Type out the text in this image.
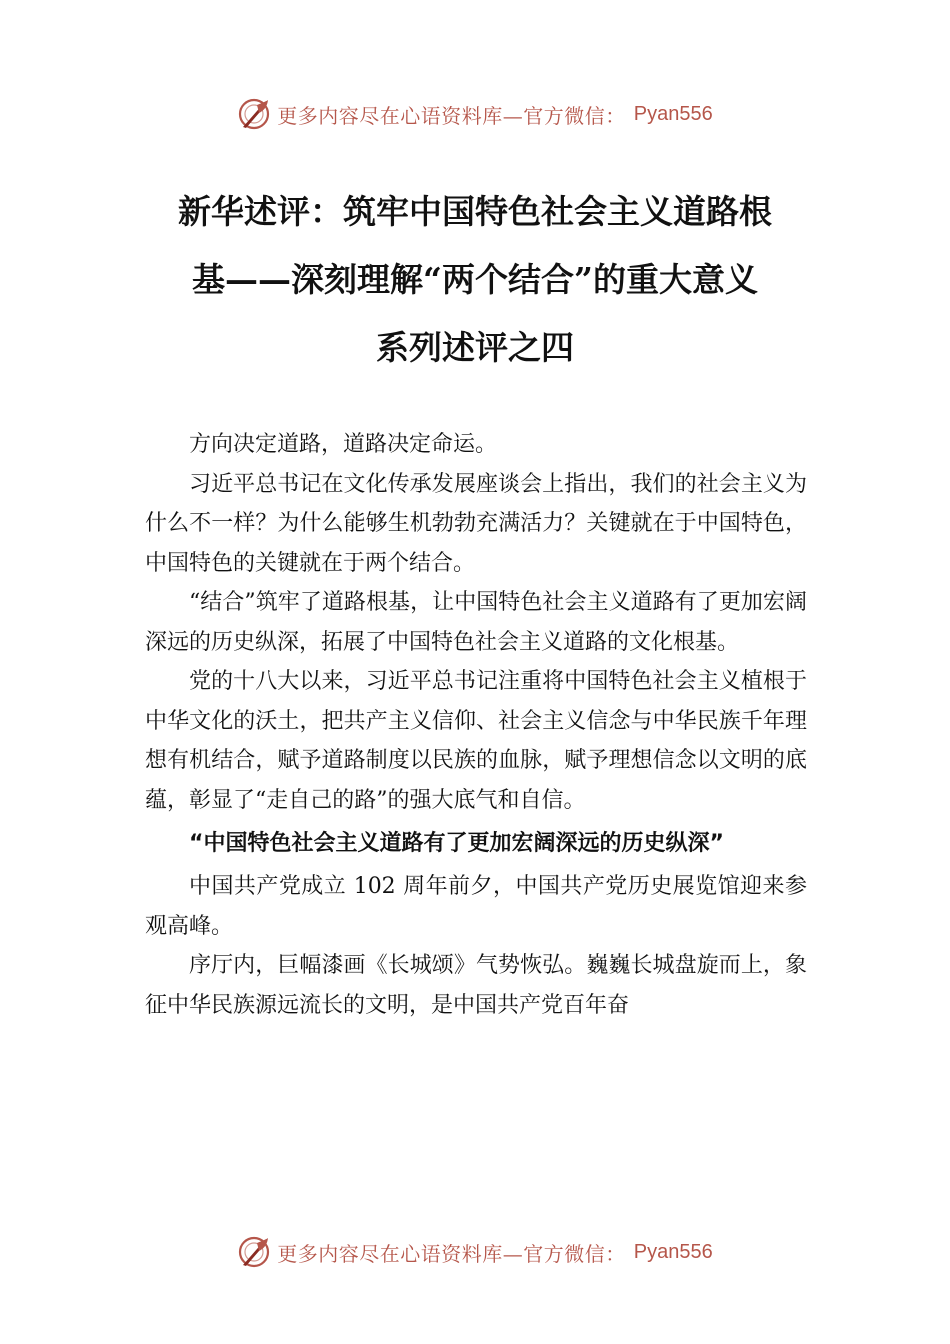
更多内容尽在心语资料库—官方微信： Pyan556
新华述评：筑牢中国特色社会主义道路根
基——深刻理解“两个结合”的重大意义
系列述评之四

方向决定道路，道路决定命运。

习近平总书记在文化传承发展座谈会上指出，我们的社会主义为什么不一样？为什么能够生机勃勃充满活力？关键就在于中国特色，中国特色的关键就在于两个结合。

“结合”筑牢了道路根基，让中国特色社会主义道路有了更加宏阔深远的历史纵深，拓展了中国特色社会主义道路的文化根基。

党的十八大以来，习近平总书记注重将中国特色社会主义植根于中华文化的沃土，把共产主义信仰、社会主义信念与中华民族千年理想有机结合，赋予道路制度以民族的血脉，赋予理想信念以文明的底蕴，彰显了“走自己的路”的强大底气和自信。

“中国特色社会主义道路有了更加宏阔深远的历史纵深”

中国共产党成立 102 周年前夕，中国共产党历史展览馆迎来参观高峰。

序厅内，巨幅漆画《长城颂》气势恢弘。巍巍长城盘旋而上，象征中华民族源远流长的文明，是中国共产党百年奋

更多内容尽在心语资料库—官方微信： Pyan556
